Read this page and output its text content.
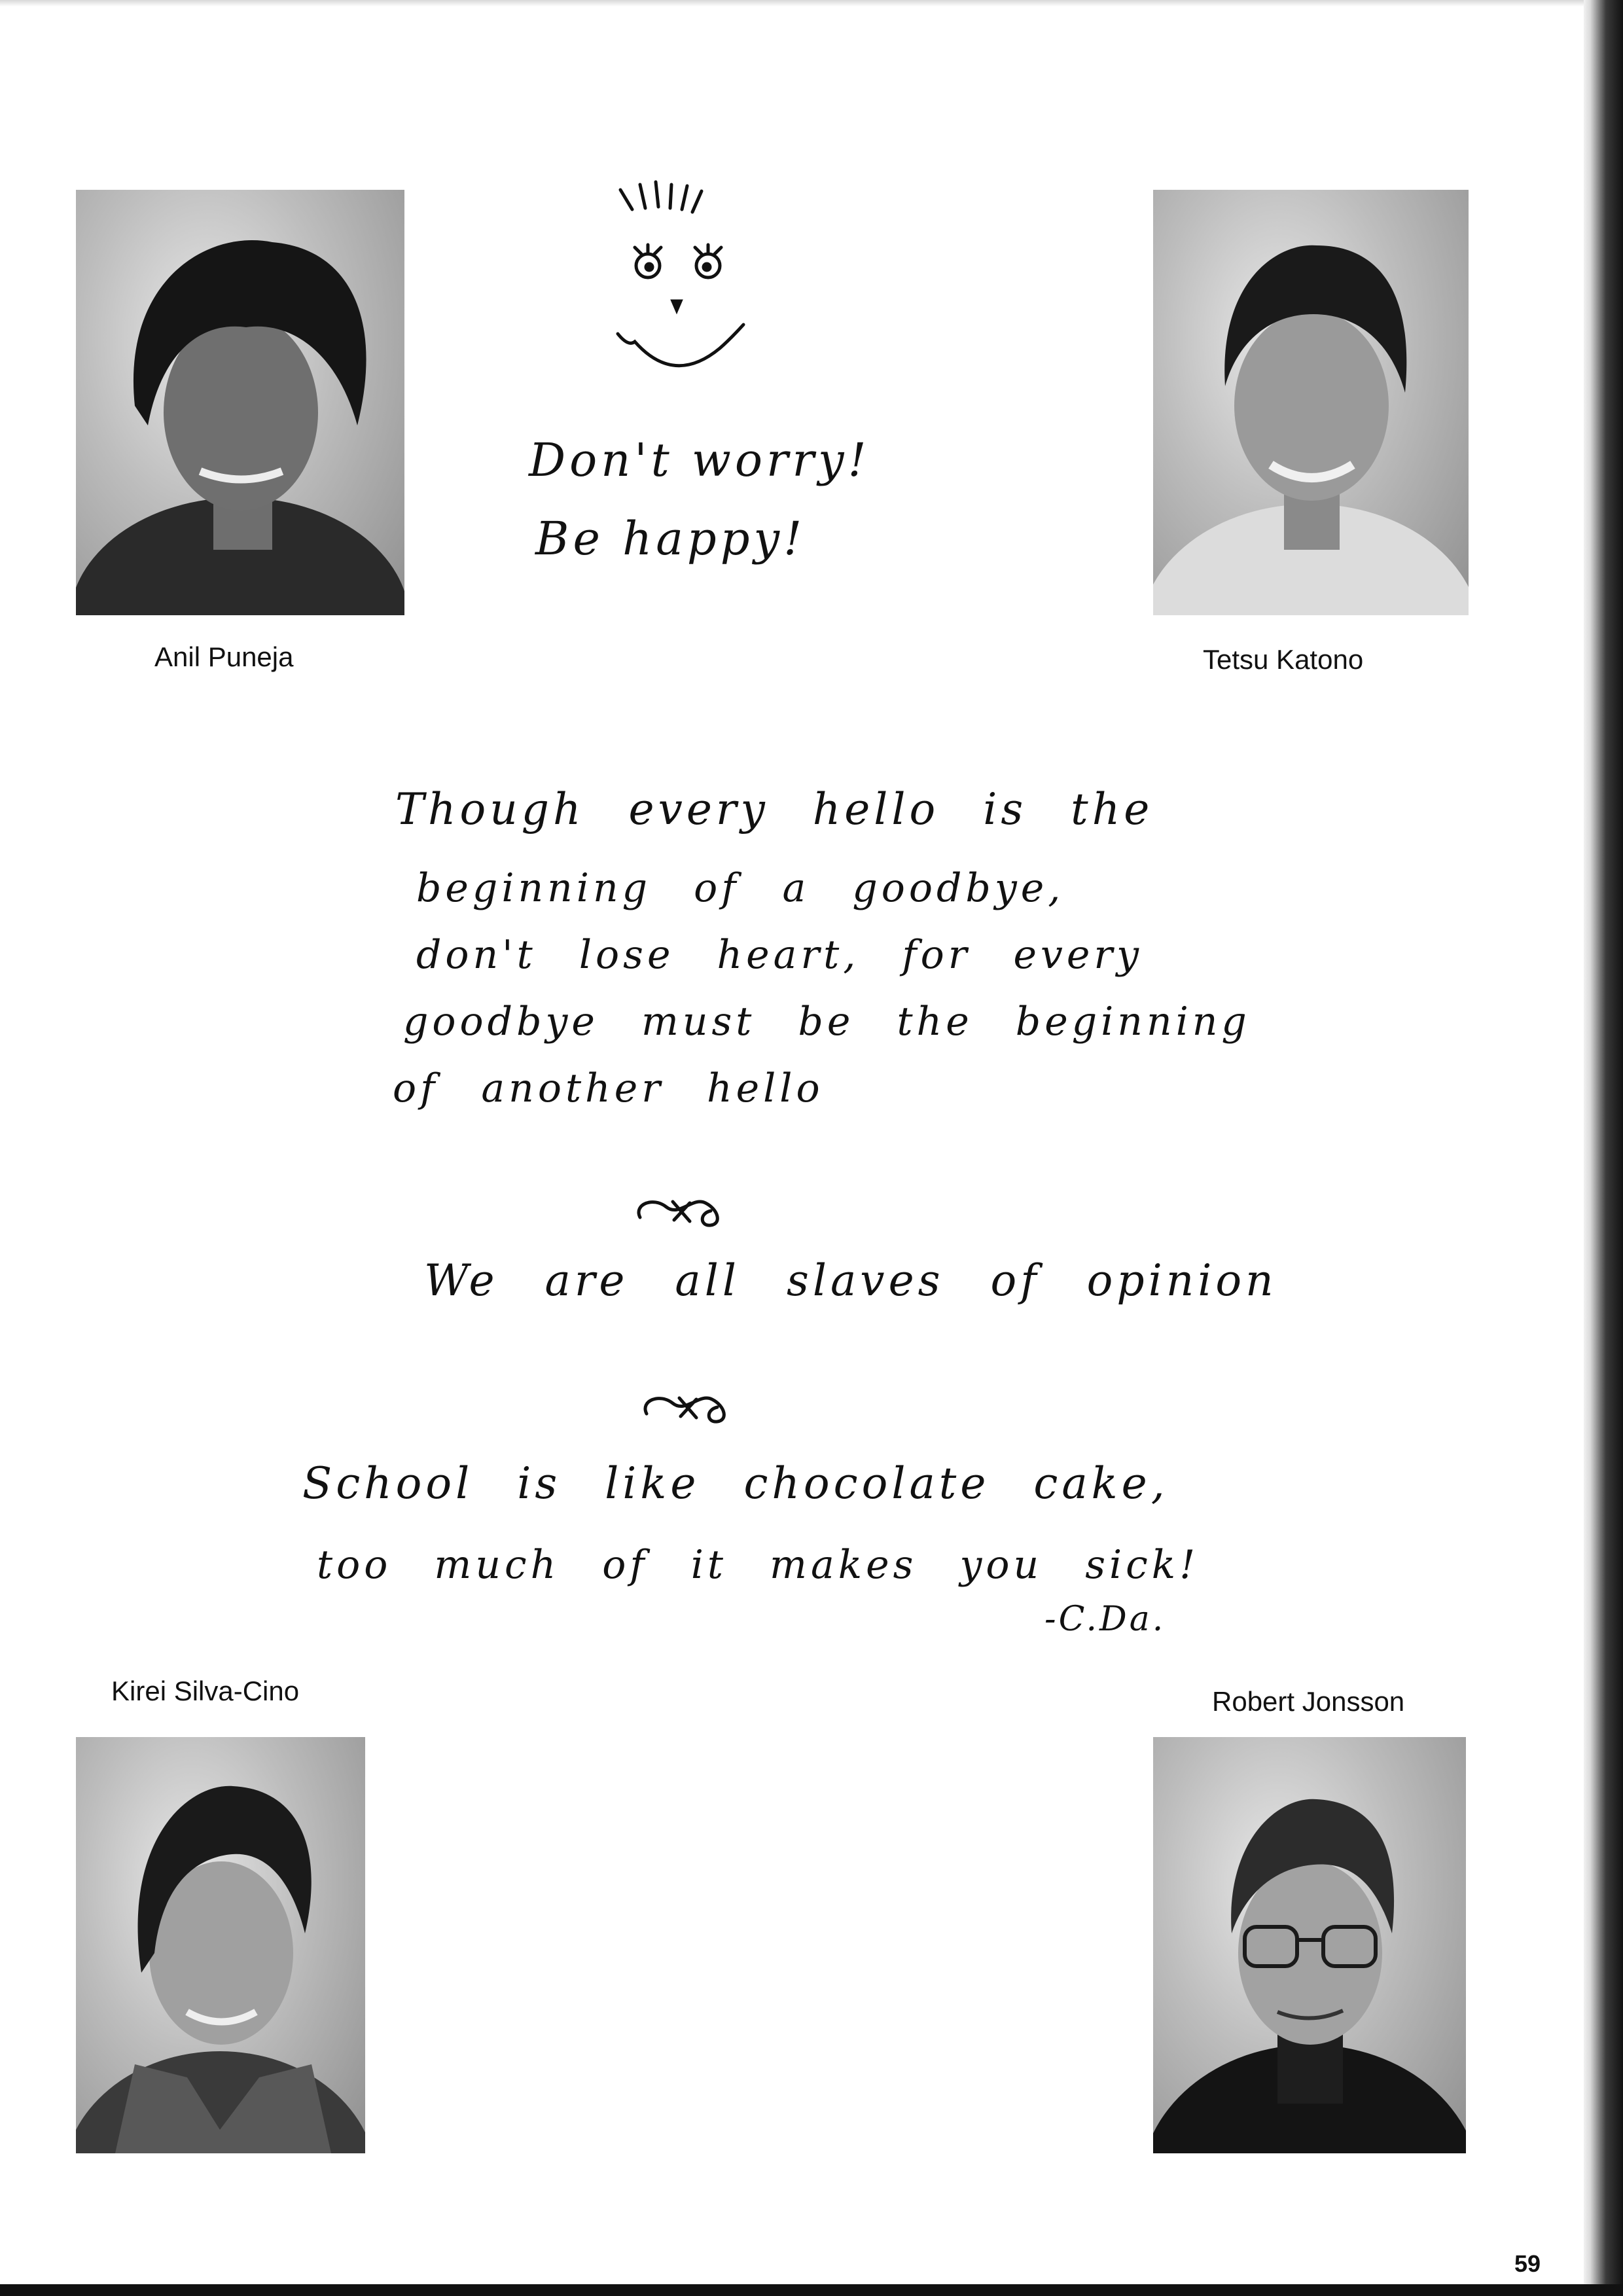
Anil Puneja	Tetsu Katono
Don't worry!
Be happy!
Though every hello is the
beginning of a goodbye,
don't lose heart, for every
goodbye must be the beginning
of another hello
We are all slaves of opinion
School is like chocolate cake,
too much of it makes you sick!
-C.Da.
Kirei Silva-Cino	Robert Jonsson
59
